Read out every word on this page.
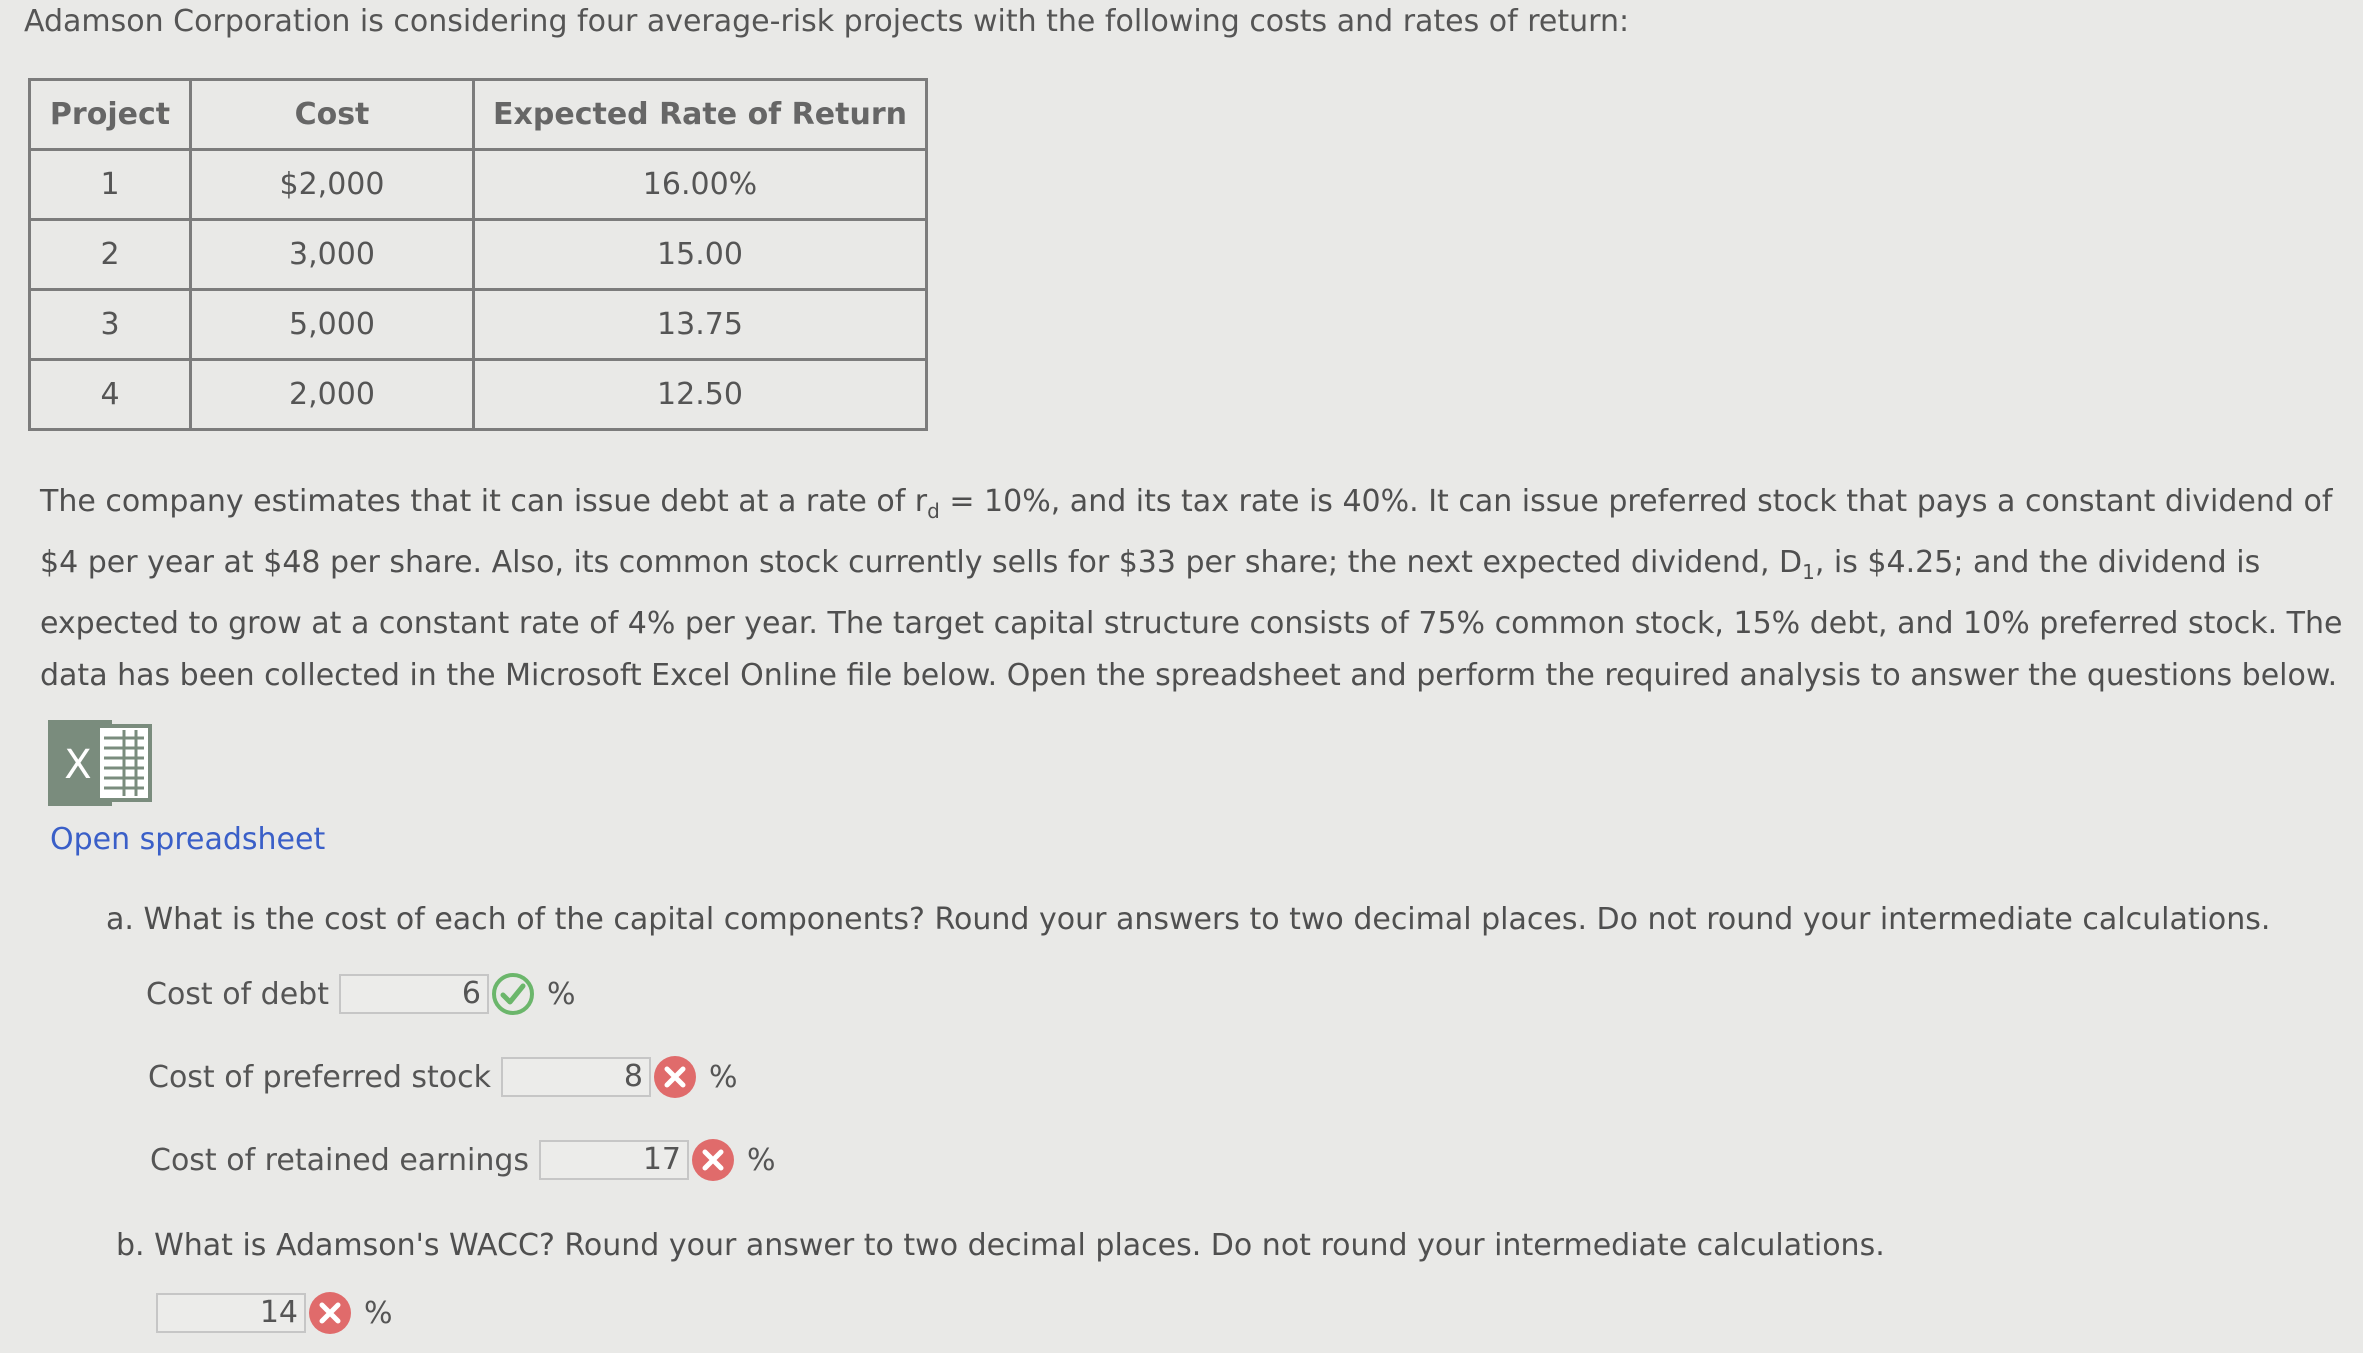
Adamson Corporation is considering four average-risk projects with the following costs and rates of return:
Project	Cost	Expected Rate of Return
1	$2,000	16.00%
2	3,000	15.00
3	5,000	13.75
4	2,000	12.50
The company estimates that it can issue debt at a rate of $r_d = 10\%$, and its tax rate is 40%. It can issue preferred stock that pays a constant dividend of $4 per year at $48 per share. Also, its common stock currently sells for $33 per share; the next expected dividend, $D_1$, is $4.25; and the dividend is expected to grow at a constant rate of 4% per year. The target capital structure consists of 75% common stock, 15% debt, and 10% preferred stock. The data has been collected in the Microsoft Excel Online file below. Open the spreadsheet and perform the required analysis to answer the questions below.
X
Open spreadsheet
a. What is the cost of each of the capital components? Round your answers to two decimal places. Do not round your intermediate calculations.
Cost of debt	6 %
Cost of preferred stock	8 %
Cost of retained earnings	17 %
b. What is Adamson's WACC? Round your answer to two decimal places. Do not round your intermediate calculations.
14 %
